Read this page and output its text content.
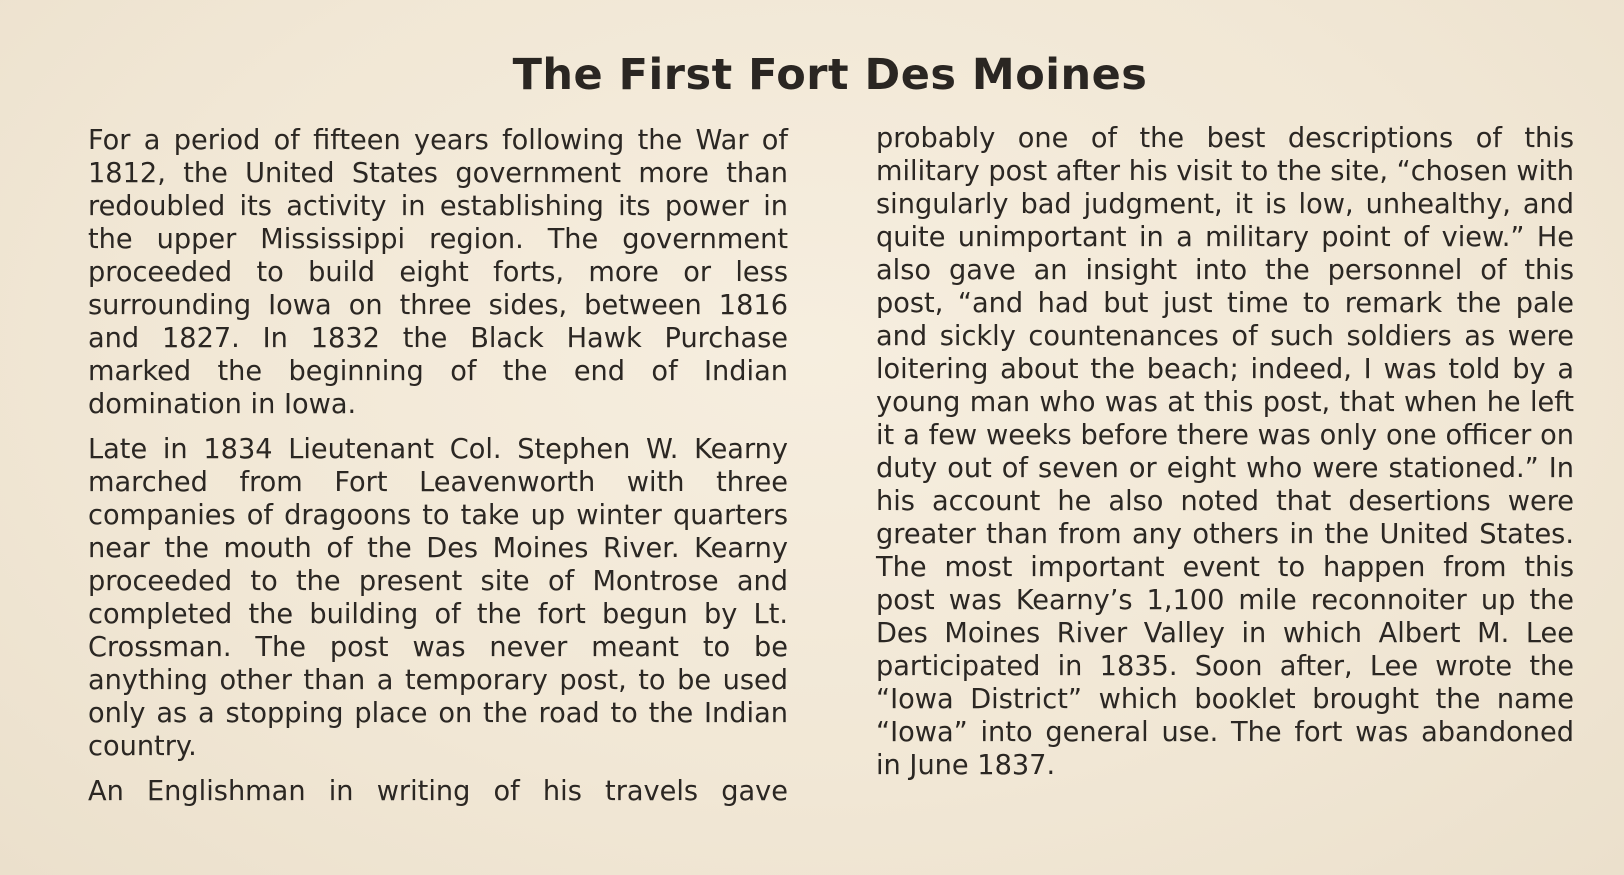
The First Fort Des Moines

For a period of fifteen years following the War of 1812, the United States government more than redoubled its activity in establishing its power in the upper Mississippi region. The government proceeded to build eight forts, more or less surrounding Iowa on three sides, between 1816 and 1827. In 1832 the Black Hawk Purchase marked the beginning of the end of Indian domination in Iowa.

Late in 1834 Lieutenant Col. Stephen W. Kearny marched from Fort Leavenworth with three companies of dragoons to take up winter quarters near the mouth of the Des Moines River. Kearny proceeded to the present site of Montrose and completed the building of the fort begun by Lt. Crossman. The post was never meant to be anything other than a temporary post, to be used only as a stopping place on the road to the Indian country.

An Englishman in writing of his travels gave

probably one of the best descriptions of this military post after his visit to the site, “chosen with singularly bad judgment, it is low, unhealthy, and quite unimportant in a military point of view.” He also gave an insight into the personnel of this post, “and had but just time to remark the pale and sickly countenances of such soldiers as were loitering about the beach; indeed, I was told by a young man who was at this post, that when he left it a few weeks before there was only one officer on duty out of seven or eight who were stationed.” In his account he also noted that desertions were greater than from any others in the United States. The most important event to happen from this post was Kearny’s 1,100 mile reconnoiter up the Des Moines River Valley in which Albert M. Lee participated in 1835. Soon after, Lee wrote the “Iowa District” which booklet brought the name “Iowa” into general use. The fort was abandoned in June 1837.
